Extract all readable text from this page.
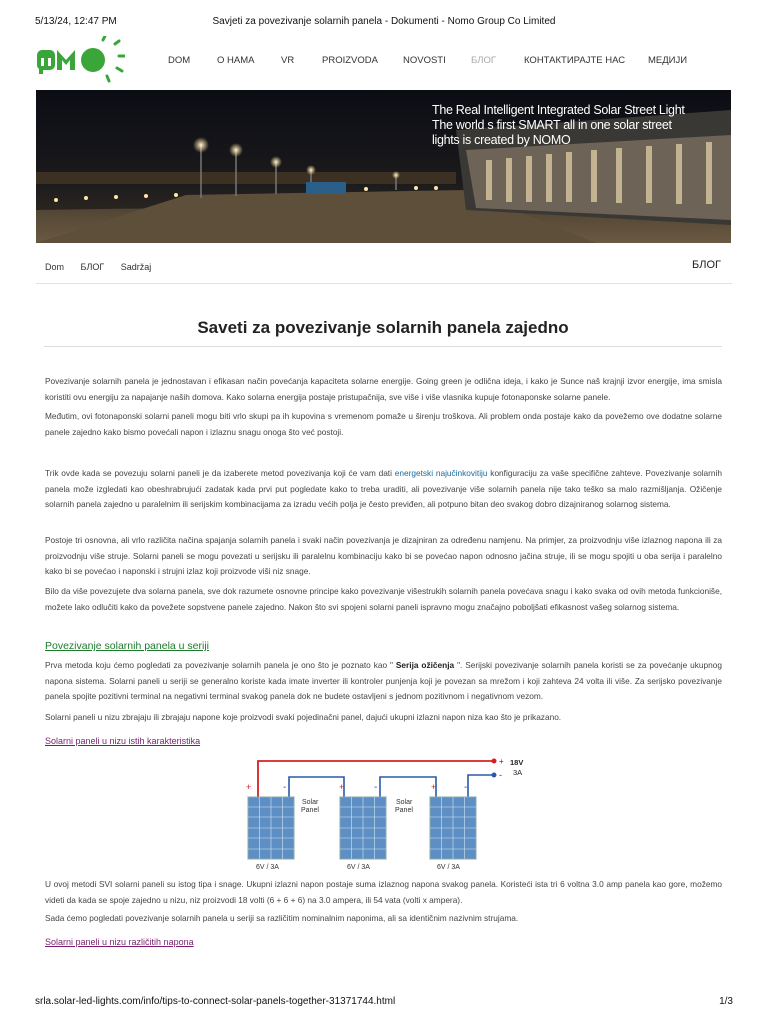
5/13/24, 12:47 PM	Savjeti za povezivanje solarnih panela - Dokumenti - Nomo Group Co Limited
DOM	O HAMA	VR	PROIZVODA	NOVOSTI	БЛОГ	КОНТАКТИРАЈТЕ НАС МЕДИЈИ
The Real Intelligent Integrated Solar Street Light
The world s first SMART all in one solar street
lights is created by NOMO
Dom БЛОГ Sadržaj	БЛОГ
Saveti za povezivanje solarnih panela zajedno

Povezivanje solarnih panela je jednostavan i efikasan način povećanja kapaciteta solarne energije. Going green je odlična ideja, i kako je Sunce naš krajnji izvor energije, ima smisla koristiti ovu energiju za napajanje naših domova. Kako solarna energija postaje pristupačnija, sve više i više vlasnika kupuje fotonaponske solarne panele.

Međutim, ovi fotonaponski solarni paneli mogu biti vrlo skupi pa ih kupovina s vremenom pomaže u širenju troškova. Ali problem onda postaje kako da povežemo ove dodatne solarne panele zajedno kako bismo povećali napon i izlaznu snagu onoga što već postoji.

Trik ovde kada se povezuju solarni paneli je da izaberete metod povezivanja koji će vam dati energetski najučinkovitiju konfiguraciju za vaše specifične zahteve. Povezivanje solarnih panela može izgledati kao obeshrabrujući zadatak kada prvi put pogledate kako to treba uraditi, ali povezivanje više solarnih panela nije tako teško sa malo razmišljanja. Ožičenje solarnih panela zajedno u paralelnim ili serijskim kombinacijama za izradu većih polja je često previđen, ali potpuno bitan deo svakog dobro dizajniranog solarnog sistema.

Postoje tri osnovna, ali vrlo različita načina spajanja solarnih panela i svaki način povezivanja je dizajniran za određenu namjenu. Na primjer, za proizvodnju više izlaznog napona ili za proizvodnju više struje. Solarni paneli se mogu povezati u serijsku ili paralelnu kombinaciju kako bi se povećao napon odnosno jačina struje, ili se mogu spojiti u oba serija i paralelno kako bi se povećao i naponski i strujni izlaz koji proizvode viši niz snage.

Bilo da više povezujete dva solarna panela, sve dok razumete osnovne principe kako povezivanje višestrukih solarnih panela povećava snagu i kako svaka od ovih metoda funkcioniše, možete lako odlučiti kako da povežete sopstvene panele zajedno. Nakon što svi spojeni solarni paneli ispravno mogu značajno poboljšati efikasnost vašeg solarnog sistema.

Povezivanje solarnih panela u seriji

Prva metoda koju ćemo pogledati za povezivanje solarnih panela je ono što je poznato kao " Serija ožičenja ". Serijski povezivanje solarnih panela koristi se za povećanje ukupnog napona sistema. Solarni paneli u seriji se generalno koriste kada imate inverter ili kontroler punjenja koji je povezan sa mrežom i koji zahteva 24 volta ili više. Za serijsko povezivanje panela spojite pozitivni terminal na negativni terminal svakog panela dok ne budete ostavljeni s jednom pozitivnom i negativnom vezom.

Solarni paneli u nizu zbrajaju ili zbrajaju napone koje proizvodi svaki pojedinačni panel, dajući ukupni izlazni napon niza kao što je prikazano.

Solarni paneli u nizu istih karakteristika
+
-
18V
3A
+	-	+	-	+	-
Solar
Panel
Solar
Panel
6V / 3A	6V / 3A	6V / 3A

U ovoj metodi SVI solarni paneli su istog tipa i snage. Ukupni izlazni napon postaje suma izlaznog napona svakog panela. Koristeći ista tri 6 voltna 3.0 amp panela kao gore, možemo videti da kada se spoje zajedno u nizu, niz proizvodi 18 volti (6 + 6 + 6) na 3.0 ampera, ili 54 vata (volti x ampera).

Sada ćemo pogledati povezivanje solarnih panela u seriji sa različitim nominalnim naponima, ali sa identičnim nazivnim strujama.

Solarni paneli u nizu različitih napona
srla.solar-led-lights.com/info/tips-to-connect-solar-panels-together-31371744.html	1/3
